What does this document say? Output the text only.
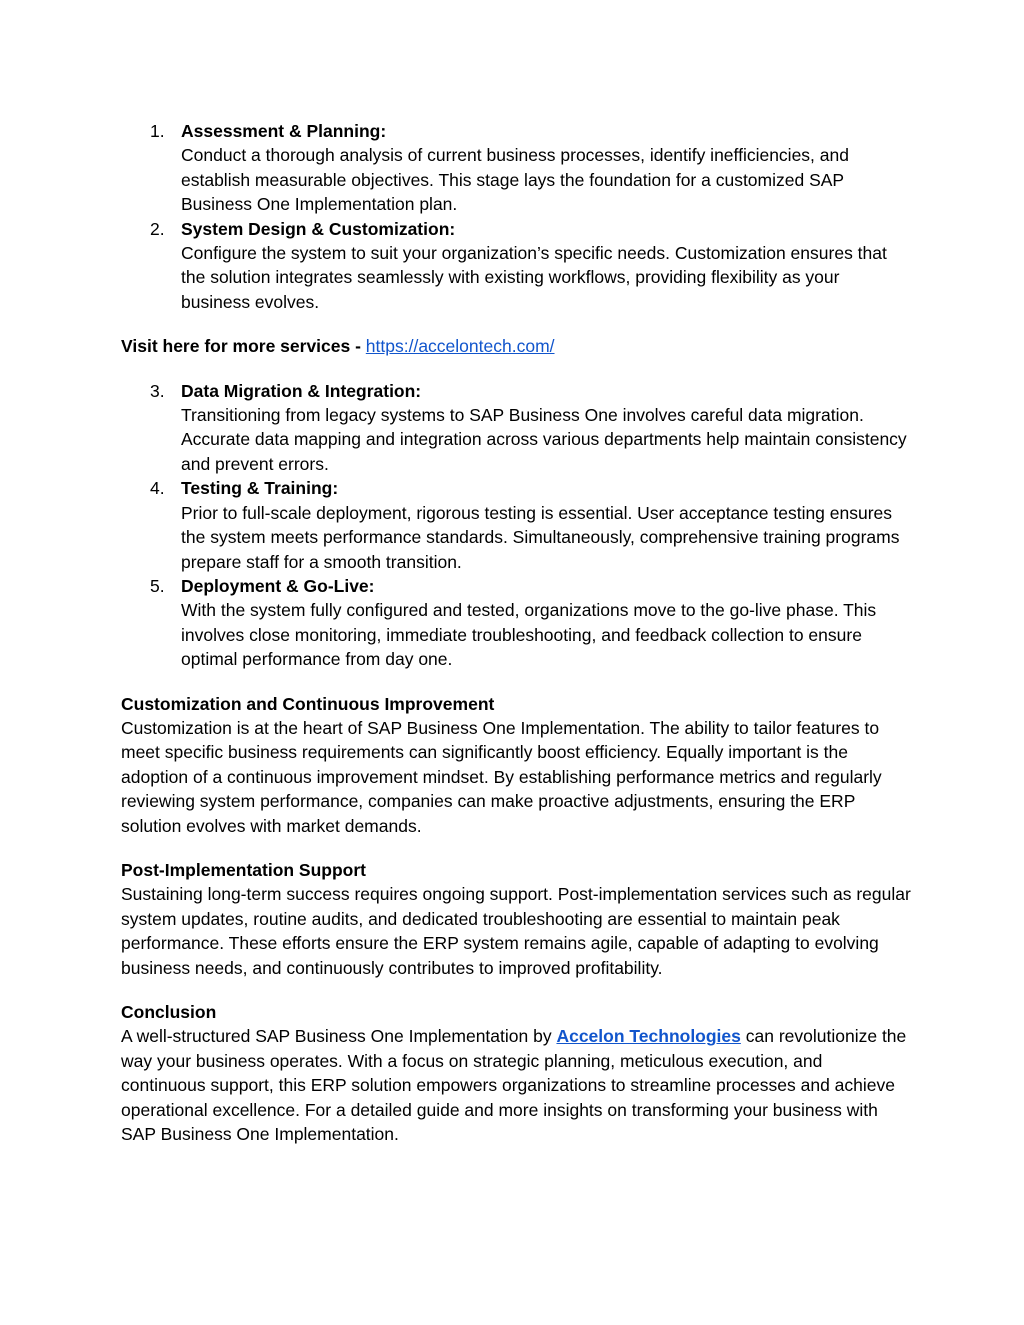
1. Assessment & Planning:
Conduct a thorough analysis of current business processes, identify inefficiencies, and establish measurable objectives. This stage lays the foundation for a customized SAP Business One Implementation plan.
2. System Design & Customization:
Configure the system to suit your organization’s specific needs. Customization ensures that the solution integrates seamlessly with existing workflows, providing flexibility as your business evolves.
Visit here for more services - https://accelontech.com/
3. Data Migration & Integration:
Transitioning from legacy systems to SAP Business One involves careful data migration. Accurate data mapping and integration across various departments help maintain consistency and prevent errors.
4. Testing & Training:
Prior to full-scale deployment, rigorous testing is essential. User acceptance testing ensures the system meets performance standards. Simultaneously, comprehensive training programs prepare staff for a smooth transition.
5. Deployment & Go-Live:
With the system fully configured and tested, organizations move to the go-live phase. This involves close monitoring, immediate troubleshooting, and feedback collection to ensure optimal performance from day one.
Customization and Continuous Improvement
Customization is at the heart of SAP Business One Implementation. The ability to tailor features to meet specific business requirements can significantly boost efficiency. Equally important is the adoption of a continuous improvement mindset. By establishing performance metrics and regularly reviewing system performance, companies can make proactive adjustments, ensuring the ERP solution evolves with market demands.
Post-Implementation Support
Sustaining long-term success requires ongoing support. Post-implementation services such as regular system updates, routine audits, and dedicated troubleshooting are essential to maintain peak performance. These efforts ensure the ERP system remains agile, capable of adapting to evolving business needs, and continuously contributes to improved profitability.
Conclusion
A well-structured SAP Business One Implementation by Accelon Technologies can revolutionize the way your business operates. With a focus on strategic planning, meticulous execution, and continuous support, this ERP solution empowers organizations to streamline processes and achieve operational excellence. For a detailed guide and more insights on transforming your business with SAP Business One Implementation.
